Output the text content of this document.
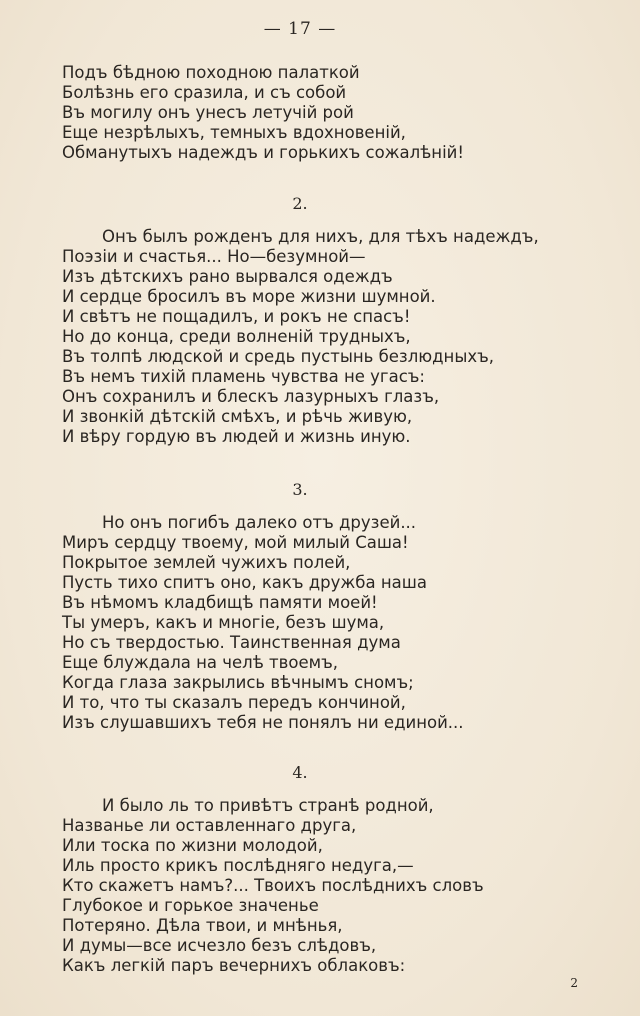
— 17 —
Подъ бѣдною походною палаткой
Болѣзнь его сразила, и съ собой
Въ могилу онъ унесъ летучій рой
Еще незрѣлыхъ, темныхъ вдохновеній,
Обманутыхъ надеждъ и горькихъ сожалѣній!
2.
Онъ былъ рожденъ для нихъ, для тѣхъ надеждъ,
Поэзіи и счастья... Но—безумной—
Изъ дѣтскихъ рано вырвался одеждъ
И сердце бросилъ въ море жизни шумной.
И свѣтъ не пощадилъ, и рокъ не спасъ!
Но до конца, среди волненій трудныхъ,
Въ толпѣ людской и средь пустынь безлюдныхъ,
Въ немъ тихій пламень чувства не угасъ:
Онъ сохранилъ и блескъ лазурныхъ глазъ,
И звонкій дѣтскій смѣхъ, и рѣчь живую,
И вѣру гордую въ людей и жизнь иную.
3.
Но онъ погибъ далеко отъ друзей...
Миръ сердцу твоему, мой милый Саша!
Покрытое землей чужихъ полей,
Пусть тихо спитъ оно, какъ дружба наша
Въ нѣмомъ кладбищѣ памяти моей!
Ты умеръ, какъ и многіе, безъ шума,
Но съ твердостью. Таинственная дума
Еще блуждала на челѣ твоемъ,
Когда глаза закрылись вѣчнымъ сномъ;
И то, что ты сказалъ передъ кончиной,
Изъ слушавшихъ тебя не понялъ ни единой...
4.
И было ль то привѣтъ странѣ родной,
Названье ли оставленнаго друга,
Или тоска по жизни молодой,
Иль просто крикъ послѣдняго недуга,—
Кто скажетъ намъ?... Твоихъ послѣднихъ словъ
Глубокое и горькое значенье
Потеряно. Дѣла твои, и мнѣнья,
И думы—все исчезло безъ слѣдовъ,
Какъ легкій паръ вечернихъ облаковъ:
2
